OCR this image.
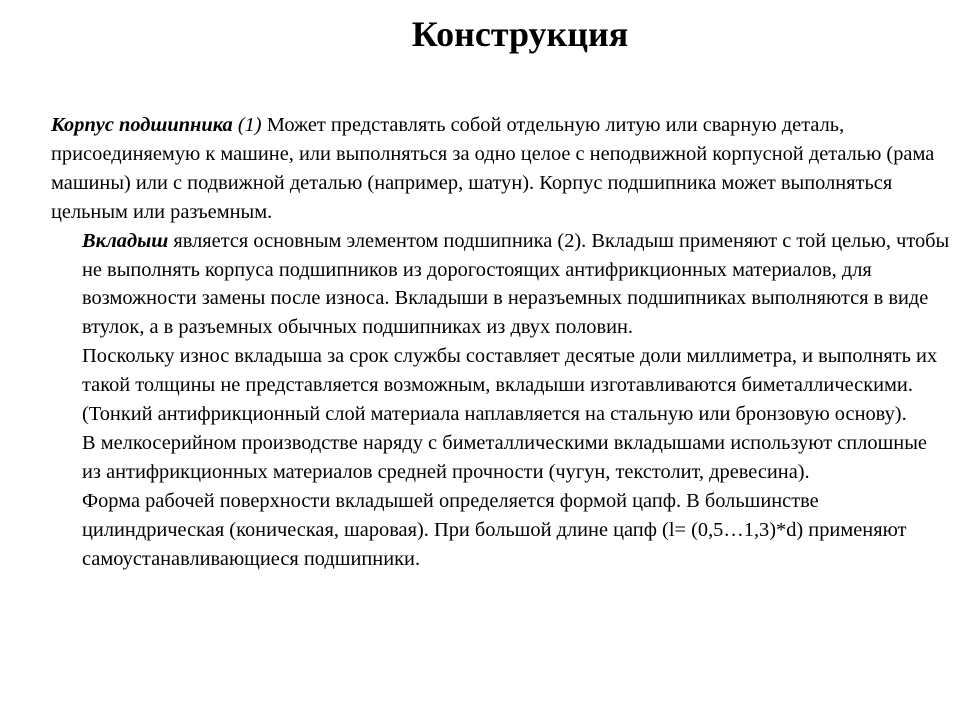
Конструкция

Корпус подшипника (1) Может представлять собой отдельную литую или сварную деталь, присоединяемую к машине, или выполняться за одно целое с неподвижной корпусной деталью (рама машины) или с подвижной деталью (например, шатун). Корпус подшипника может выполняться цельным или разъемным.

Вкладыш является основным элементом подшипника (2). Вкладыш применяют с той целью, чтобы не выполнять корпуса подшипников из дорогостоящих антифрикционных материалов, для возможности замены после износа. Вкладыши в неразъемных подшипниках выполняются в виде втулок, а в разъемных обычных подшипниках из двух половин.

Поскольку износ вкладыша за срок службы составляет десятые доли миллиметра, и выполнять их такой толщины не представляется возможным, вкладыши изготавливаются биметаллическими. (Тонкий антифрикционный слой материала наплавляется на стальную или бронзовую основу).

В мелкосерийном производстве наряду с биметаллическими вкладышами используют сплошные из антифрикционных материалов средней прочности (чугун, текстолит, древесина).

Форма рабочей поверхности вкладышей определяется формой цапф. В большинстве цилиндрическая (коническая, шаровая). При большой длине цапф (l= (0,5…1,3)*d) применяют самоустанавливающиеся подшипники.
